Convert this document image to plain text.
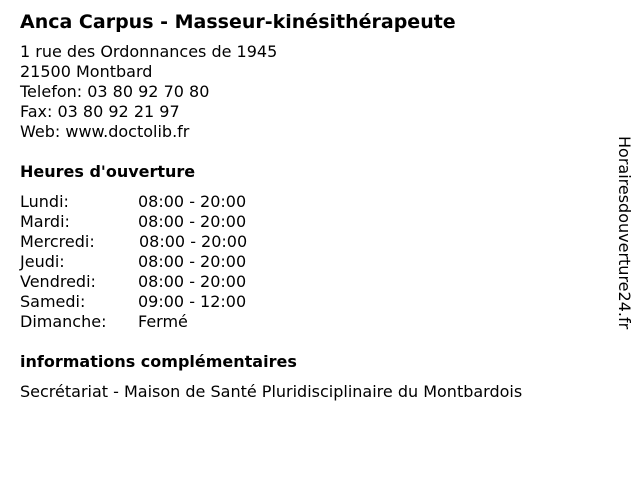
Anca Carpus - Masseur-kinésithérapeute
1 rue des Ordonnances de 1945
21500 Montbard
Telefon: 03 80 92 70 80
Fax: 03 80 92 21 97
Web: www.doctolib.fr
Heures d'ouverture
Lundi:	08:00 - 20:00
Mardi:	08:00 - 20:00
Mercredi:	08:00 - 20:00
Jeudi:	08:00 - 20:00
Vendredi:	08:00 - 20:00
Samedi:	09:00 - 12:00
Dimanche:	Fermé
informations complémentaires
Secrétariat - Maison de Santé Pluridisciplinaire du Montbardois
Horairesdouverture24.fr
